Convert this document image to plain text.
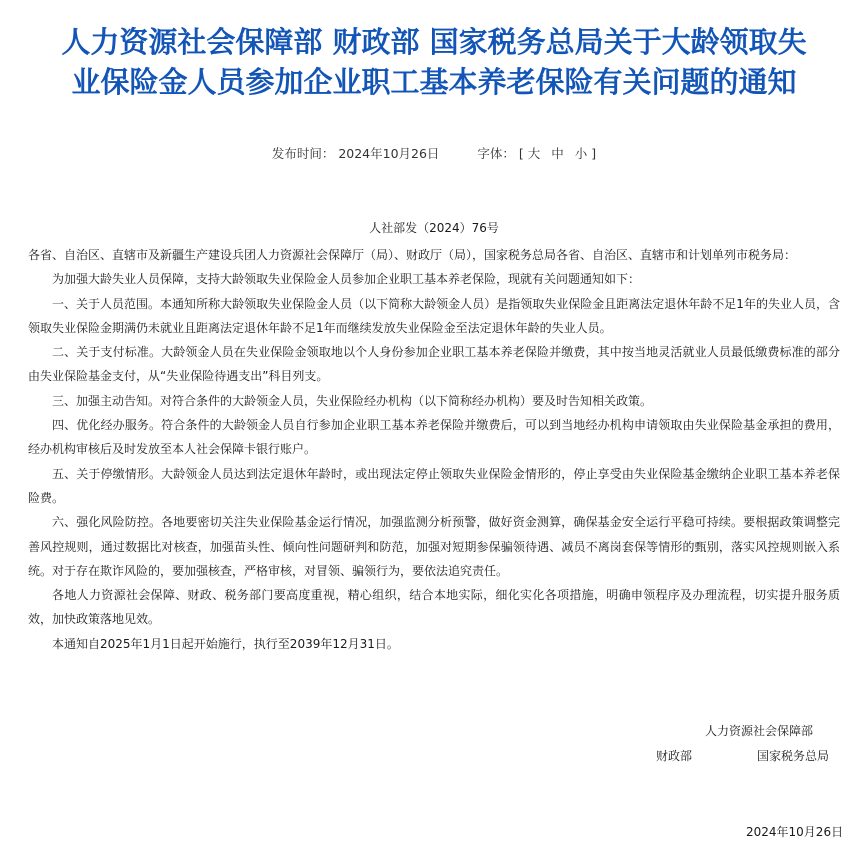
人力资源社会保障部 财政部 国家税务总局关于大龄领取失
业保险金人员参加企业职工基本养老保险有关问题的通知
发布时间： 2024年10月26日	字体： [ 大 中 小 ]
人社部发（2024）76号

各省、自治区、直辖市及新疆生产建设兵团人力资源社会保障厅（局）、财政厅（局），国家税务总局各省、自治区、直辖市和计划单列市税务局：

为加强大龄失业人员保障，支持大龄领取失业保险金人员参加企业职工基本养老保险，现就有关问题通知如下：

一、关于人员范围。本通知所称大龄领取失业保险金人员（以下简称大龄领金人员）是指领取失业保险金且距离法定退休年龄不足1年的失业人员，含领取失业保险金期满仍未就业且距离法定退休年龄不足1年而继续发放失业保险金至法定退休年龄的失业人员。

二、关于支付标准。大龄领金人员在失业保险金领取地以个人身份参加企业职工基本养老保险并缴费，其中按当地灵活就业人员最低缴费标准的部分由失业保险基金支付，从“失业保险待遇支出”科目列支。

三、加强主动告知。对符合条件的大龄领金人员，失业保险经办机构（以下简称经办机构）要及时告知相关政策。

四、优化经办服务。符合条件的大龄领金人员自行参加企业职工基本养老保险并缴费后，可以到当地经办机构申请领取由失业保险基金承担的费用，经办机构审核后及时发放至本人社会保障卡银行账户。

五、关于停缴情形。大龄领金人员达到法定退休年龄时，或出现法定停止领取失业保险金情形的，停止享受由失业保险基金缴纳企业职工基本养老保险费。

六、强化风险防控。各地要密切关注失业保险基金运行情况，加强监测分析预警，做好资金测算，确保基金安全运行平稳可持续。要根据政策调整完善风控规则，通过数据比对核查，加强苗头性、倾向性问题研判和防范，加强对短期参保骗领待遇、减员不离岗套保等情形的甄别，落实风控规则嵌入系统。对于存在欺诈风险的，要加强核查，严格审核，对冒领、骗领行为，要依法追究责任。

各地人力资源社会保障、财政、税务部门要高度重视，精心组织，结合本地实际，细化实化各项措施，明确申领程序及办理流程，切实提升服务质效，加快政策落地见效。

本通知自2025年1月1日起开始施行，执行至2039年12月31日。

人力资源社会保障部
财政部	国家税务总局
2024年10月26日
